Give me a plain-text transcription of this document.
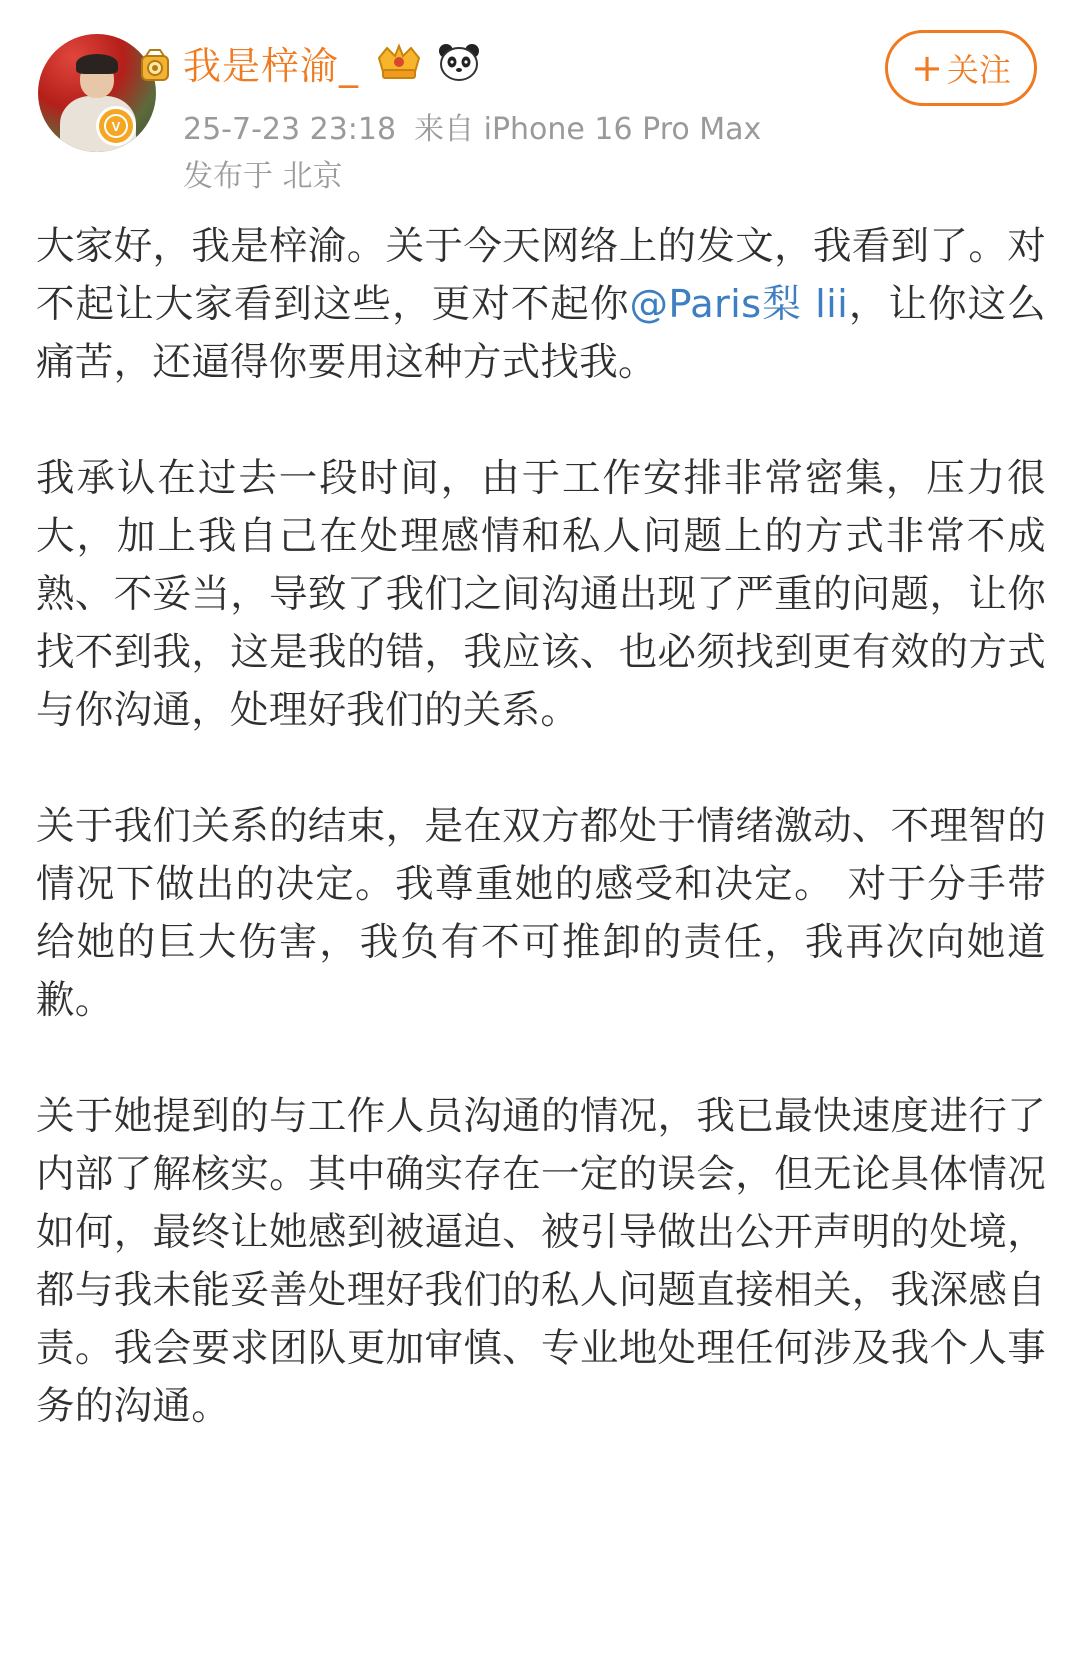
V
我是梓渝_
25-7-23 23:18 来自 iPhone 16 Pro Max
发布于 北京
+ 关注

大家好，我是梓渝。关于今天网络上的发文，我看到了。对不起让大家看到这些，更对不起你@Paris梨 lii，让你这么痛苦，还逼得你要用这种方式找我。

我承认在过去一段时间，由于工作安排非常密集，压力很大，加上我自己在处理感情和私人问题上的方式非常不成熟、不妥当，导致了我们之间沟通出现了严重的问题，让你找不到我，这是我的错，我应该、也必须找到更有效的方式与你沟通，处理好我们的关系。

关于我们关系的结束，是在双方都处于情绪激动、不理智的情况下做出的决定。我尊重她的感受和决定。 对于分手带给她的巨大伤害，我负有不可推卸的责任，我再次向她道歉。

关于她提到的与工作人员沟通的情况，我已最快速度进行了内部了解核实。其中确实存在一定的误会，但无论具体情况如何，最终让她感到被逼迫、被引导做出公开声明的处境，都与我未能妥善处理好我们的私人问题直接相关，我深感自责。我会要求团队更加审慎、专业地处理任何涉及我个人事务的沟通。
